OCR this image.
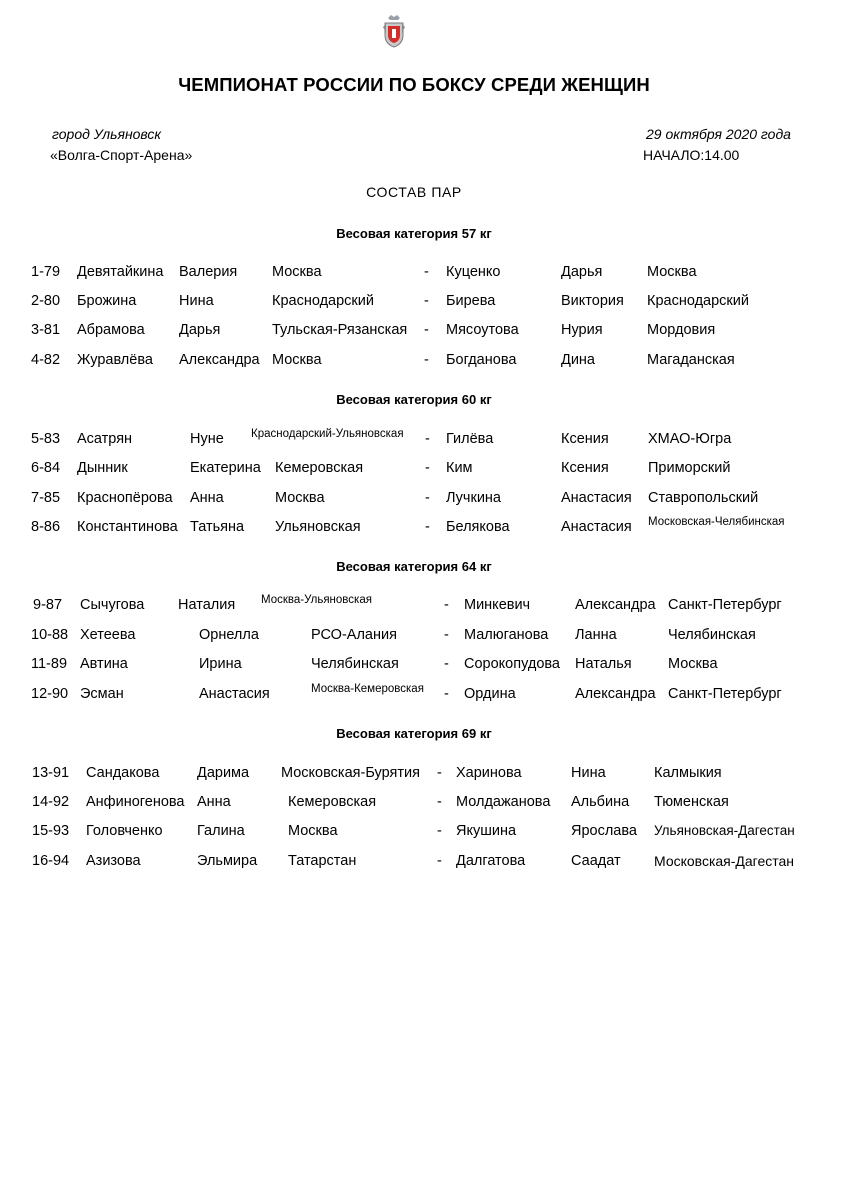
ЧЕМПИОНАТ РОССИИ ПО БОКСУ СРЕДИ ЖЕНЩИН
город Ульяновск
«Волга-Спорт-Арена»
29 октября 2020 года
НАЧАЛО:14.00
СОСТАВ ПАР
Весовая категория 57 кг
1-79 Девятайкина Валерия Москва	- Куценко	Дарья	Москва
2-80 Брожина	Нина	Краснодарский	- Бирева	Виктория Краснодарский
3-81 Абрамова Дарья	Тульская-Рязанская - Мясоутова	Нурия	Мордовия
4-82 Журавлёва Александра Москва	- Богданова	Дина	Магаданская
Весовая категория 60 кг
5-83 Асатрян	Нуне Краснодарский-Ульяновская - Гилёва	Ксения	ХМАО-Югра
6-84 Дынник	Екатерина Кемеровская	- Ким	Ксения	Приморский
7-85 Краснопёрова Анна	Москва	- Лучкина	Анастасия Ставропольский
8-86 Константинова Татьяна Ульяновская	- Белякова	Анастасия Московская-Челябинская
Весовая категория 64 кг
9-87 Сычугова Наталия Москва-Ульяновская	- Минкевич	Александра Санкт-Петербург
10-88 Хетеева	Орнелла	РСО-Алания	- Малюганова Ланна	Челябинская
11-89 Автина	Ирина	Челябинская	- Сорокопудова Наталья	Москва
12-90 Эсман	Анастасия	Москва-Кемеровская - Ордина	Александра Санкт-Петербург
Весовая категория 69 кг
13-91 Сандакова	Дарима Московская-Бурятия - Харинова	Нина	Калмыкия
14-92 Анфиногенова Анна	Кемеровская	- Молдажанова Альбина Тюменская
15-93 Головченко Галина	Москва	- Якушина	Ярослава Ульяновская-Дагестан
16-94 Азизова	Эльмира Татарстан	- Далгатова	Саадат Московская-Дагестан
